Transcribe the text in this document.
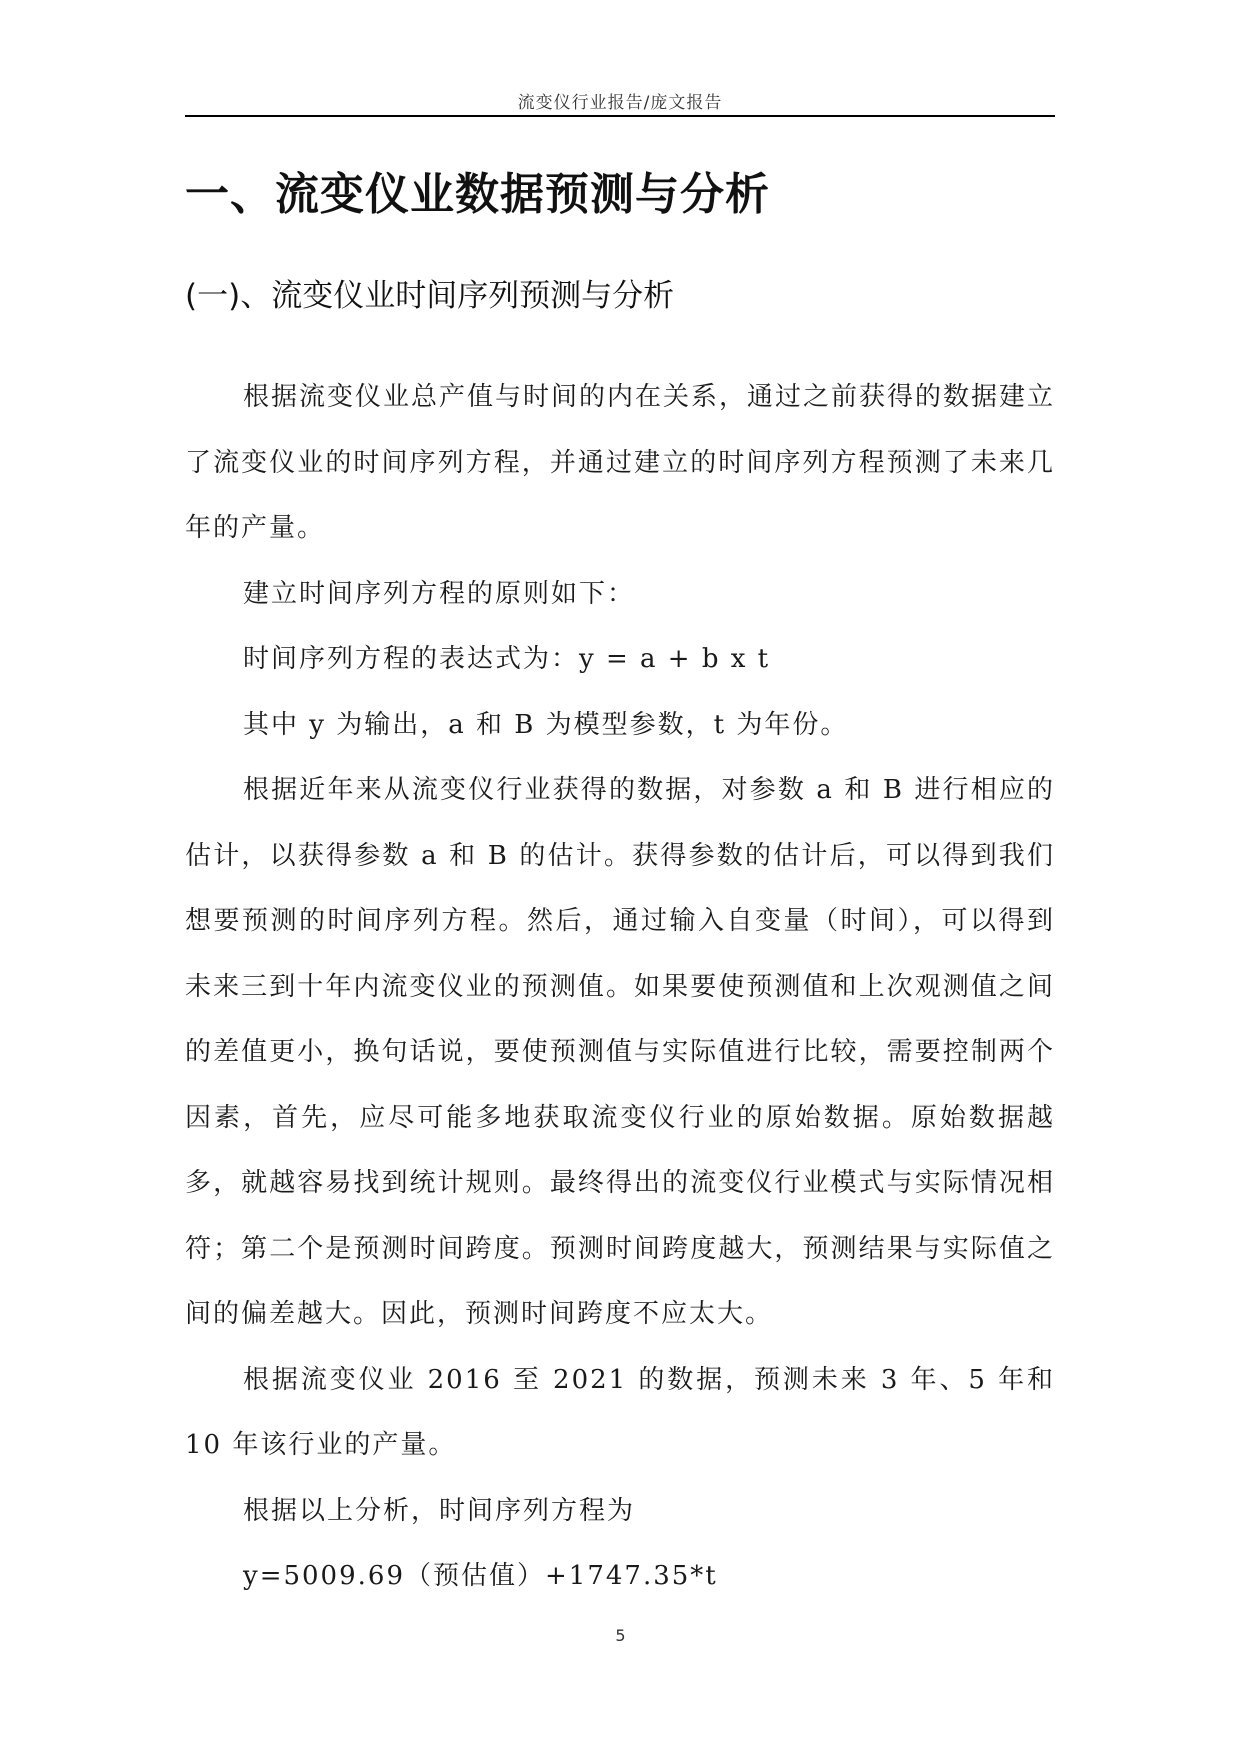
流变仪行业报告/庞文报告
一、流变仪业数据预测与分析
(一)、流变仪业时间序列预测与分析

根据流变仪业总产值与时间的内在关系，通过之前获得的数据建立了流变仪业的时间序列方程，并通过建立的时间序列方程预测了未来几年的产量。

建立时间序列方程的原则如下：

时间序列方程的表达式为：y = a + b x t

其中 y 为输出，a 和 B 为模型参数，t 为年份。

根据近年来从流变仪行业获得的数据，对参数 a 和 B 进行相应的估计，以获得参数 a 和 B 的估计。获得参数的估计后，可以得到我们想要预测的时间序列方程。然后，通过输入自变量（时间），可以得到未来三到十年内流变仪业的预测值。如果要使预测值和上次观测值之间的差值更小，换句话说，要使预测值与实际值进行比较，需要控制两个因素，首先，应尽可能多地获取流变仪行业的原始数据。原始数据越多，就越容易找到统计规则。最终得出的流变仪行业模式与实际情况相符；第二个是预测时间跨度。预测时间跨度越大，预测结果与实际值之间的偏差越大。因此，预测时间跨度不应太大。

根据流变仪业 2016 至 2021 的数据，预测未来 3 年、5 年和 10 年该行业的产量。

根据以上分析，时间序列方程为

y=5009.69（预估值）+1747.35*t

5
